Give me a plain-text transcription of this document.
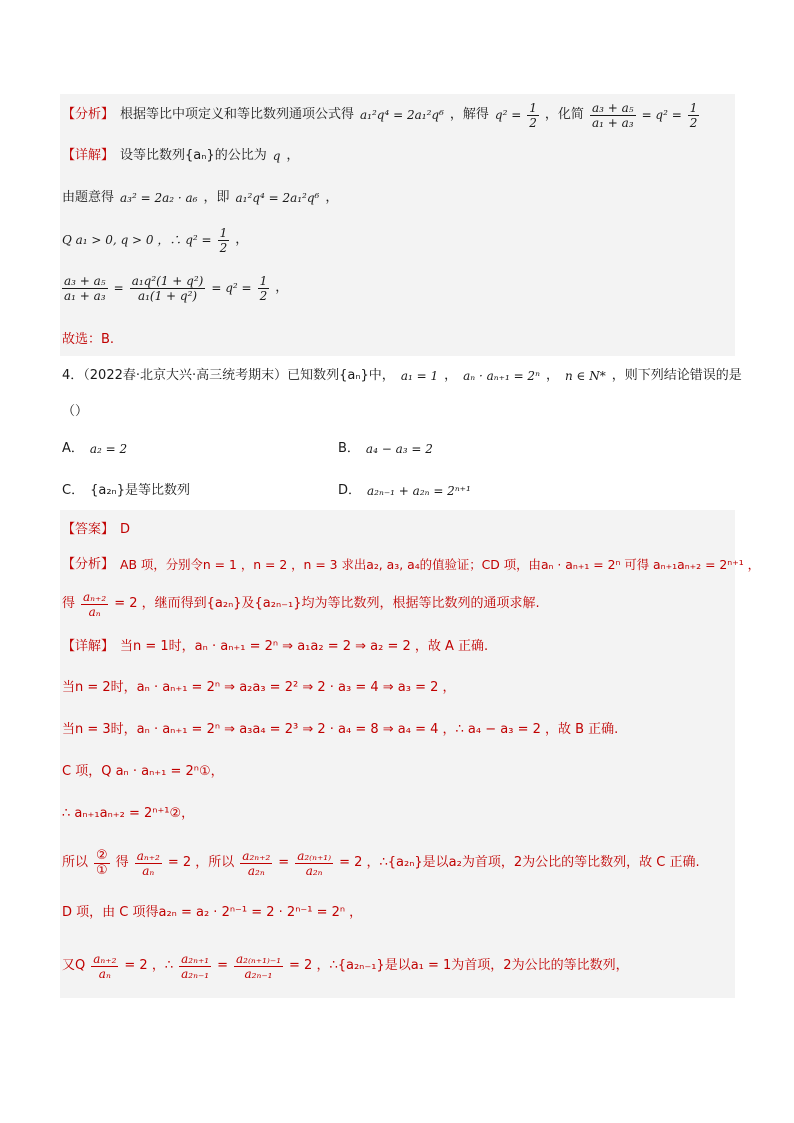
【分析】 根据等比中项定义和等比数列通项公式得 a₁²q⁴ = 2a₁²q⁶ ，解得 $q^2 = \frac{1}{2}$ ，化简 $\frac{\text{a₃ + a₅}}{\text{a₁ + a₃}} = q^2 = \frac{1}{2}$
【详解】 设等比数列{aₙ}的公比为 q ，
由题意得 a₃² = 2a₂ · a₆ ，即 a₁²q⁴ = 2a₁²q⁶ ，
Q a₁ > 0, q > 0 ，∴ $q^2 = \frac{1}{2}$ ，
$\frac{\text{a₃ + a₅}}{\text{a₁ + a₃}} = \frac{\text{a₁q²(1 + q²)}}{\text{a₁(1 + q²)}} = q^2 = \frac{1}{2}$ ，
故选：B.
4．（2022春·北京大兴·高三统考期末）已知数列{aₙ}中， a₁ = 1 ， aₙ · aₙ₊₁ = 2ⁿ ， n ∈ N* ，则下列结论错误的是
（）
A． a₂ = 2	B． a₄ − a₃ = 2
C． {a₂ₙ}是等比数列	D． a₂ₙ₋₁ + a₂ₙ = 2ⁿ⁺¹
【答案】 D
【分析】 AB 项，分别令n = 1 ，n = 2 ，n = 3 求出a₂, a₃, a₄的值验证；CD 项，由aₙ · aₙ₊₁ = 2ⁿ 可得 aₙ₊₁aₙ₊₂ = 2ⁿ⁺¹ ，
得 $\frac{\text{aₙ₊₂}}{\text{aₙ}} = 2$ ，继而得到{a₂ₙ}及{a₂ₙ₋₁}均为等比数列，根据等比数列的通项求解.
【详解】 当n = 1时，aₙ · aₙ₊₁ = 2ⁿ ⇒ a₁a₂ = 2 ⇒ a₂ = 2 ，故 A 正确.
当n = 2时，aₙ · aₙ₊₁ = 2ⁿ ⇒ a₂a₃ = 2² ⇒ 2 · a₃ = 4 ⇒ a₃ = 2 ，
当n = 3时，aₙ · aₙ₊₁ = 2ⁿ ⇒ a₃a₄ = 2³ ⇒ 2 · a₄ = 8 ⇒ a₄ = 4 ，∴ a₄ − a₃ = 2 ，故 B 正确.
C 项，Q aₙ · aₙ₊₁ = 2ⁿ①，
∴ aₙ₊₁aₙ₊₂ = 2ⁿ⁺¹②，
所以 $\frac{\text{②}}{\text{①}}$ 得 $\frac{\text{aₙ₊₂}}{\text{aₙ}} = 2$ ，所以 $\frac{\text{a₂ₙ₊₂}}{\text{a₂ₙ}} = \frac{\text{a₂₍ₙ₊₁₎}}{\text{a₂ₙ}} = 2$ ，∴{a₂ₙ}是以a₂为首项，2为公比的等比数列，故 C 正确.
D 项，由 C 项得a₂ₙ = a₂ · 2ⁿ⁻¹ = 2 · 2ⁿ⁻¹ = 2ⁿ ，
又Q $\frac{\text{aₙ₊₂}}{\text{aₙ}} = 2$ ，∴ $\frac{\text{a₂ₙ₊₁}}{\text{a₂ₙ₋₁}} = \frac{\text{a₂₍ₙ₊₁₎₋₁}}{\text{a₂ₙ₋₁}} = 2$ ，∴{a₂ₙ₋₁}是以a₁ = 1为首项，2为公比的等比数列，
